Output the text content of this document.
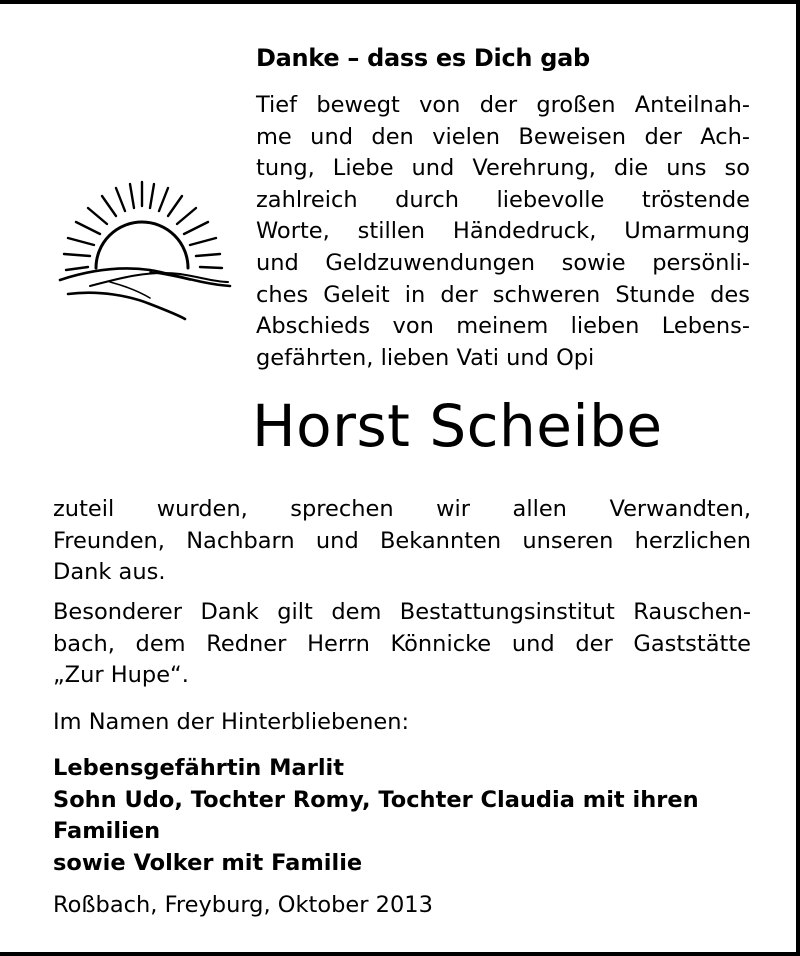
Danke – dass es Dich gab
Tief bewegt von der großen Anteilnah-
me und den vielen Beweisen der Ach-
tung, Liebe und Verehrung, die uns so
zahlreich durch liebevolle tröstende
Worte, stillen Händedruck, Umarmung
und Geldzuwendungen sowie persönli-
ches Geleit in der schweren Stunde des
Abschieds von meinem lieben Lebens-
gefährten, lieben Vati und Opi
Horst Scheibe
zuteil wurden, sprechen wir allen Verwandten,
Freunden, Nachbarn und Bekannten unseren herzlichen
Dank aus.
Besonderer Dank gilt dem Bestattungsinstitut Rauschen-
bach, dem Redner Herrn Könnicke und der Gaststätte
„Zur Hupe“.
Im Namen der Hinterbliebenen:
Lebensgefährtin Marlit
Sohn Udo, Tochter Romy, Tochter Claudia mit ihren
Familien
sowie Volker mit Familie
Roßbach, Freyburg, Oktober 2013
